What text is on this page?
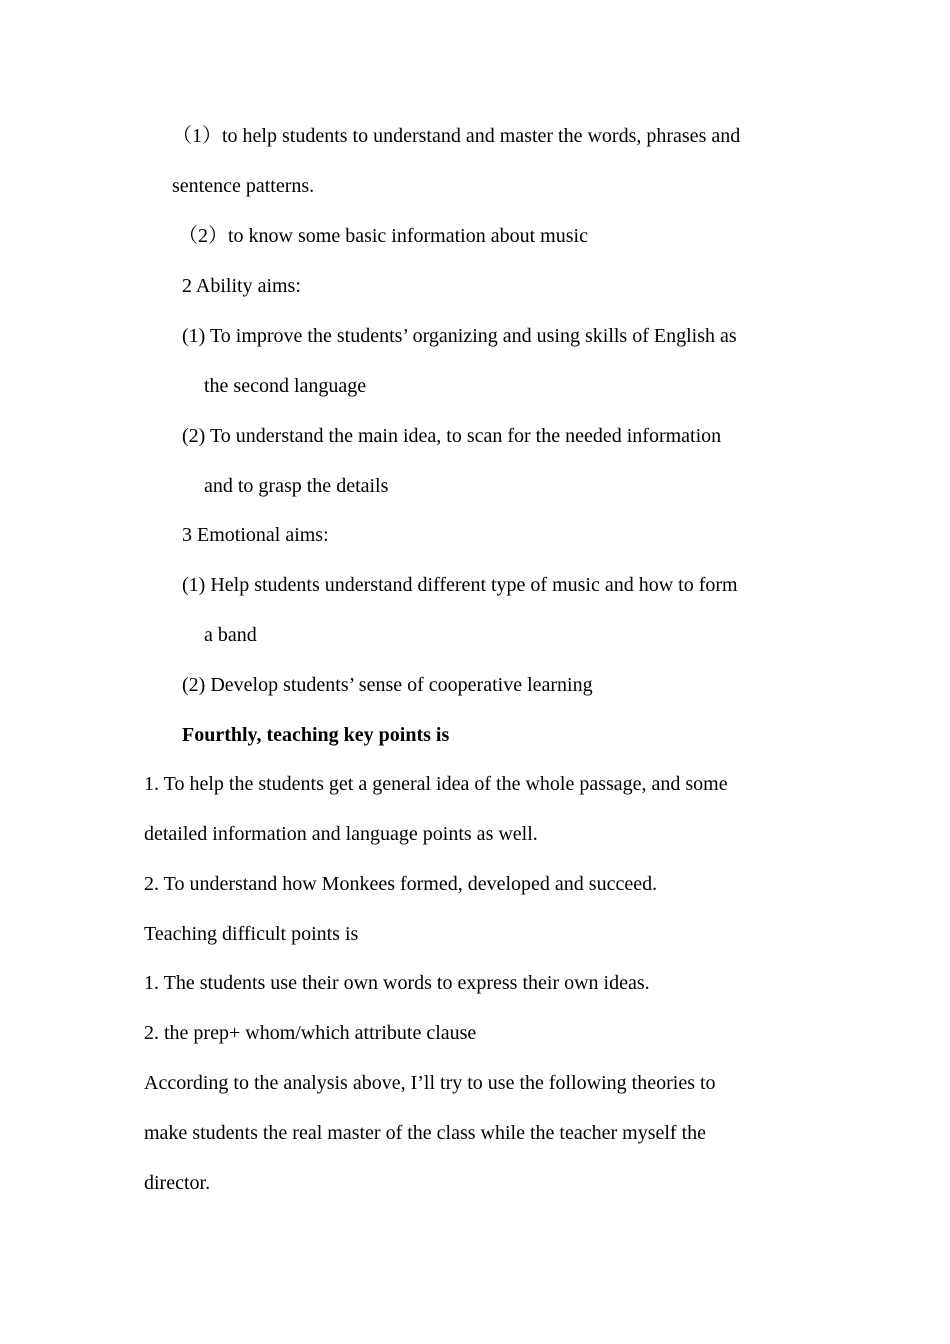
（1）to help students to understand and master the words, phrases and
sentence patterns.
（2）to know some basic information about music
2 Ability aims:
(1) To improve the students’ organizing and using skills of English as
the second language
(2) To understand the main idea, to scan for the needed information
and to grasp the details
3 Emotional aims:
(1) Help students understand different type of music and how to form
a band
(2) Develop students’ sense of cooperative learning
Fourthly, teaching key points is
1. To help the students get a general idea of the whole passage, and some
detailed information and language points as well.
2. To understand how Monkees formed, developed and succeed.
Teaching difficult points is
1. The students use their own words to express their own ideas.
2. the prep+ whom/which attribute clause
According to the analysis above, I’ll try to use the following theories to
make students the real master of the class while the teacher myself the
director.
